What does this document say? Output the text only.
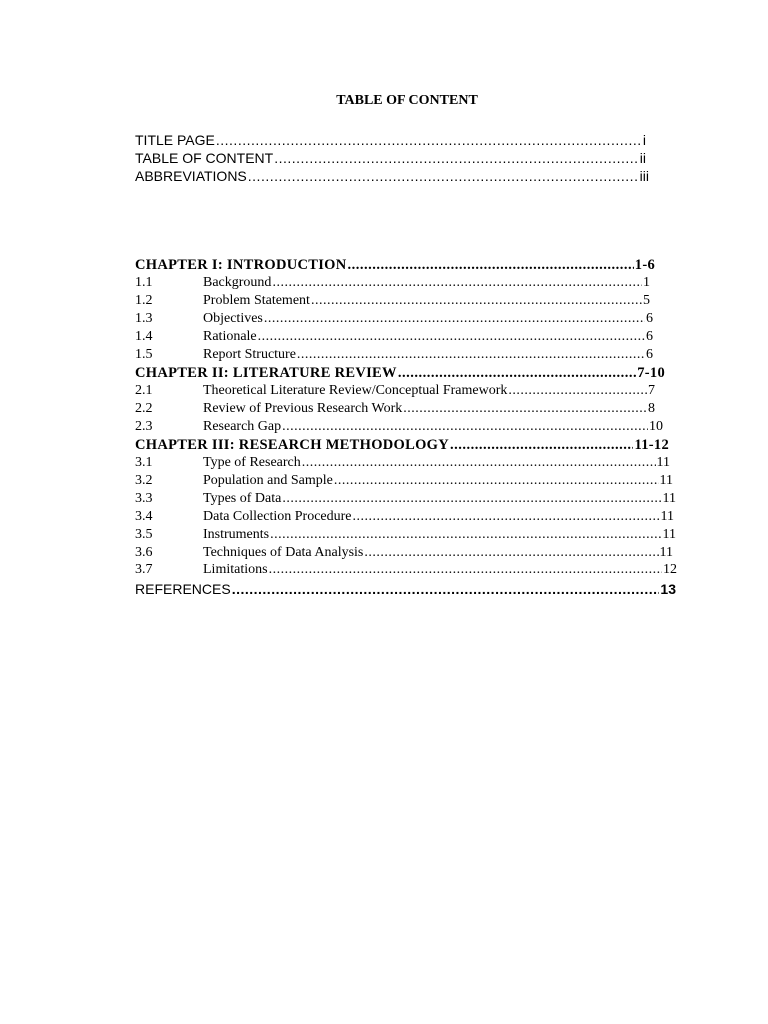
TABLE OF CONTENT
TITLE PAGE .....	i
TABLE OF CONTENT .....	ii
ABBREVIATIONS .....	iii
CHAPTER I: INTRODUCTION .....	1-6
1.1	Background .....	1
1.2	Problem Statement .....	5
1.3	Objectives .....	6
1.4	Rationale .....	6
1.5	Report Structure .....	6
CHAPTER II: LITERATURE REVIEW .....	7-10
2.1	Theoretical Literature Review/Conceptual Framework .....	7
2.2	Review of Previous Research Work .....	8
2.3	Research Gap .....	10
CHAPTER III: RESEARCH METHODOLOGY .....	11-12
3.1	Type of Research .....	11
3.2	Population and Sample .....	11
3.3	Types of Data .....	11
3.4	Data Collection Procedure .....	11
3.5	Instruments .....	11
3.6	Techniques of Data Analysis .....	11
3.7	Limitations .....	12
REFERENCES .....	13
